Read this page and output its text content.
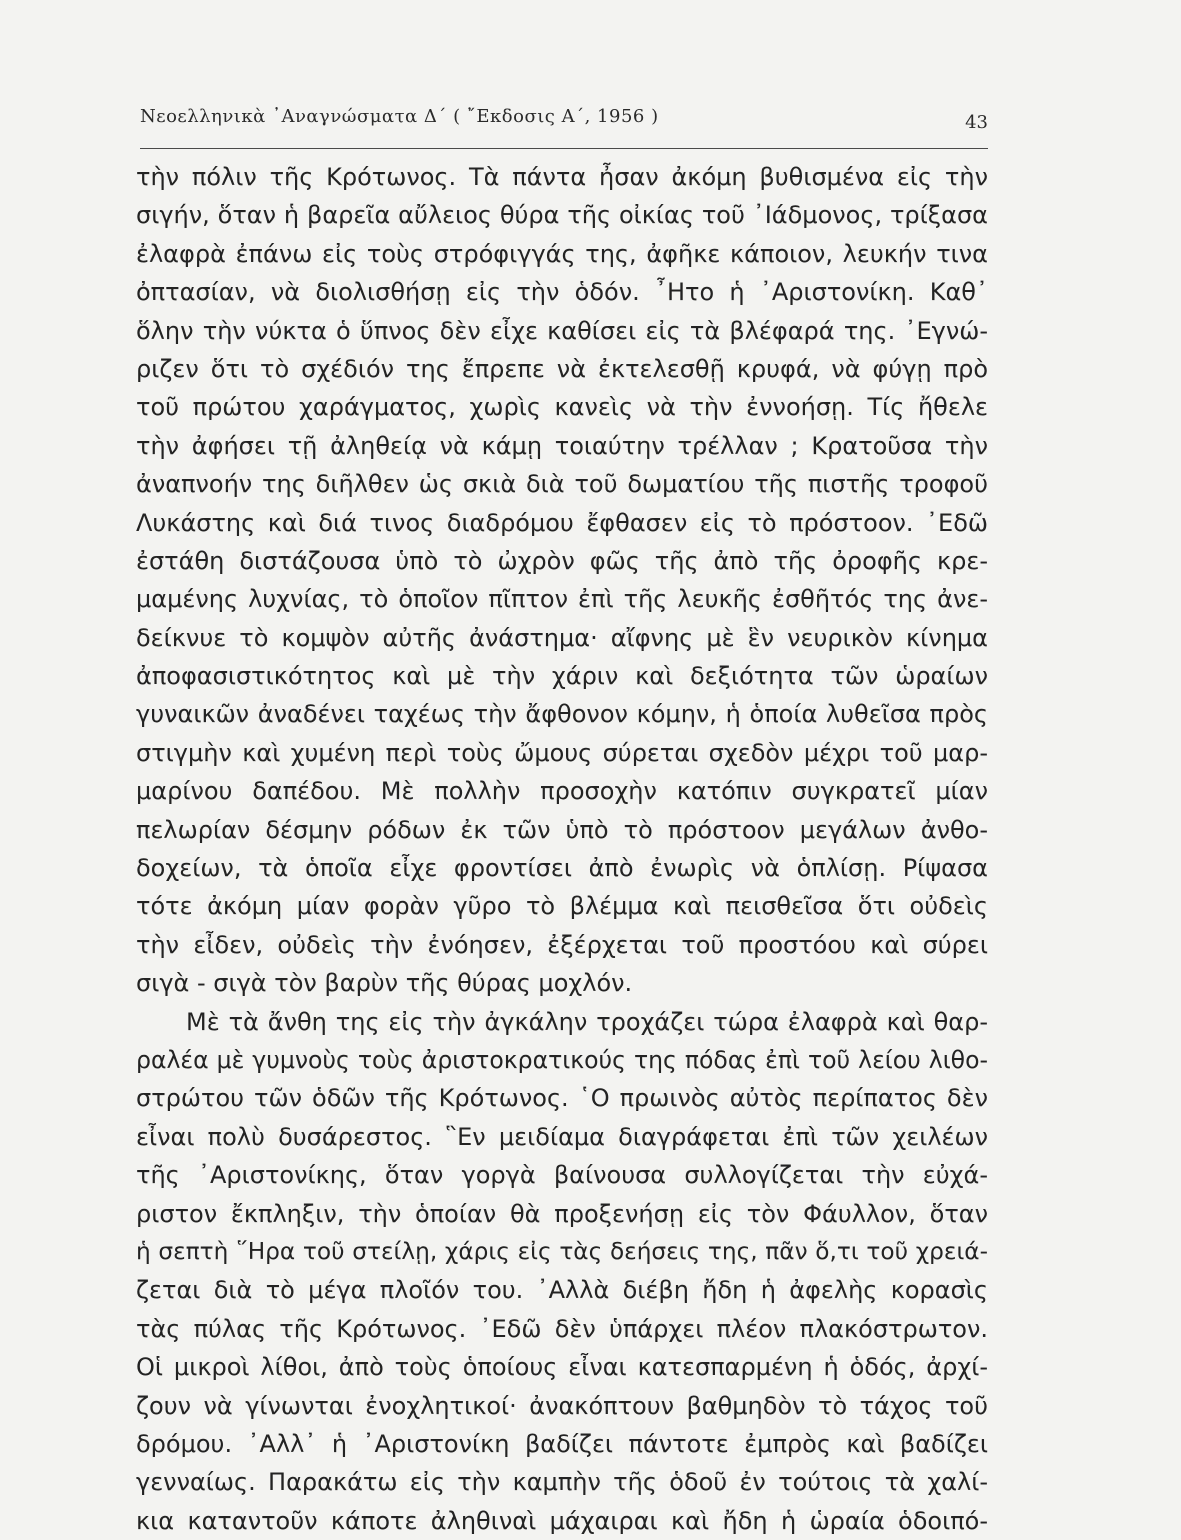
Νεοελληνικὰ ᾿Αναγνώσματα Δ΄ ( ῎Εκδοσις Α΄, 1956 )	43
τὴν πόλιν τῆς Κρότωνος. Τὰ πάντα ἦσαν ἀκόμη βυθισμένα εἰς τὴν
σιγήν, ὅταν ἡ βαρεῖα αὔλειος θύρα τῆς οἰκίας τοῦ ᾿Ιάδμονος, τρίξασα
ἐλαφρὰ ἐπάνω εἰς τοὺς στρόφιγγάς της, ἀφῆκε κάποιον, λευκήν τινα
ὀπτασίαν, νὰ διολισθήσῃ εἰς τὴν ὁδόν. ῏Ητο ἡ ᾿Αριστονίκη. Καθ᾿
ὅλην τὴν νύκτα ὁ ὕπνος δὲν εἶχε καθίσει εἰς τὰ βλέφαρά της. ᾿Εγνώ-
ριζεν ὅτι τὸ σχέδιόν της ἔπρεπε νὰ ἐκτελεσθῇ κρυφά, νὰ φύγῃ πρὸ
τοῦ πρώτου χαράγματος, χωρὶς κανεὶς νὰ τὴν ἐννοήσῃ. Τίς ἤθελε
τὴν ἀφήσει τῇ ἀληθείᾳ νὰ κάμῃ τοιαύτην τρέλλαν ; Κρατοῦσα τὴν
ἀναπνοήν της διῆλθεν ὡς σκιὰ διὰ τοῦ δωματίου τῆς πιστῆς τροφοῦ
Λυκάστης καὶ διά τινος διαδρόμου ἔφθασεν εἰς τὸ πρόστοον. ᾿Εδῶ
ἐστάθη διστάζουσα ὑπὸ τὸ ὠχρὸν φῶς τῆς ἀπὸ τῆς ὀροφῆς κρε-
μαμένης λυχνίας, τὸ ὁποῖον πῖπτον ἐπὶ τῆς λευκῆς ἐσθῆτός της ἀνε-
δείκνυε τὸ κομψὸν αὐτῆς ἀνάστημα· αἴφνης μὲ ἓν νευρικὸν κίνημα
ἀποφασιστικότητος καὶ μὲ τὴν χάριν καὶ δεξιότητα τῶν ὡραίων
γυναικῶν ἀναδένει ταχέως τὴν ἄφθονον κόμην, ἡ ὁποία λυθεῖσα πρὸς
στιγμὴν καὶ χυμένη περὶ τοὺς ὤμους σύρεται σχεδὸν μέχρι τοῦ μαρ-
μαρίνου δαπέδου. Μὲ πολλὴν προσοχὴν κατόπιν συγκρατεῖ μίαν
πελωρίαν δέσμην ρόδων ἐκ τῶν ὑπὸ τὸ πρόστοον μεγάλων ἀνθο-
δοχείων, τὰ ὁποῖα εἶχε φροντίσει ἀπὸ ἐνωρὶς νὰ ὁπλίσῃ. Ρίψασα
τότε ἀκόμη μίαν φορὰν γῦρο τὸ βλέμμα καὶ πεισθεῖσα ὅτι οὐδεὶς
τὴν εἶδεν, οὐδεὶς τὴν ἐνόησεν, ἐξέρχεται τοῦ προστόου καὶ σύρει
σιγὰ - σιγὰ τὸν βαρὺν τῆς θύρας μοχλόν.
Μὲ τὰ ἄνθη της εἰς τὴν ἀγκάλην τροχάζει τώρα ἐλαφρὰ καὶ θαρ-
ραλέα μὲ γυμνοὺς τοὺς ἀριστοκρατικούς της πόδας ἐπὶ τοῦ λείου λιθο-
στρώτου τῶν ὁδῶν τῆς Κρότωνος. ῾Ο πρωινὸς αὐτὸς περίπατος δὲν
εἶναι πολὺ δυσάρεστος. ῝Εν μειδίαμα διαγράφεται ἐπὶ τῶν χειλέων
τῆς ᾿Αριστονίκης, ὅταν γοργὰ βαίνουσα συλλογίζεται τὴν εὐχά-
ριστον ἔκπληξιν, τὴν ὁποίαν θὰ προξενήσῃ εἰς τὸν Φάυλλον, ὅταν
ἡ σεπτὴ ῞Ηρα τοῦ στείλῃ, χάρις εἰς τὰς δεήσεις της, πᾶν ὅ,τι τοῦ χρειά-
ζεται διὰ τὸ μέγα πλοῖόν του. ᾿Αλλὰ διέβη ἤδη ἡ ἀφελὴς κορασὶς
τὰς πύλας τῆς Κρότωνος. ᾿Εδῶ δὲν ὑπάρχει πλέον πλακόστρωτον.
Οἱ μικροὶ λίθοι, ἀπὸ τοὺς ὁποίους εἶναι κατεσπαρμένη ἡ ὁδός, ἀρχί-
ζουν νὰ γίνωνται ἐνοχλητικοί· ἀνακόπτουν βαθμηδὸν τὸ τάχος τοῦ
δρόμου. ᾿Αλλ᾿ ἡ ᾿Αριστονίκη βαδίζει πάντοτε ἐμπρὸς καὶ βαδίζει
γενναίως. Παρακάτω εἰς τὴν καμπὴν τῆς ὁδοῦ ἐν τούτοις τὰ χαλί-
κια καταντοῦν κάποτε ἀληθιναὶ μάχαιραι καὶ ἤδη ἡ ὡραία ὁδοιπό-
